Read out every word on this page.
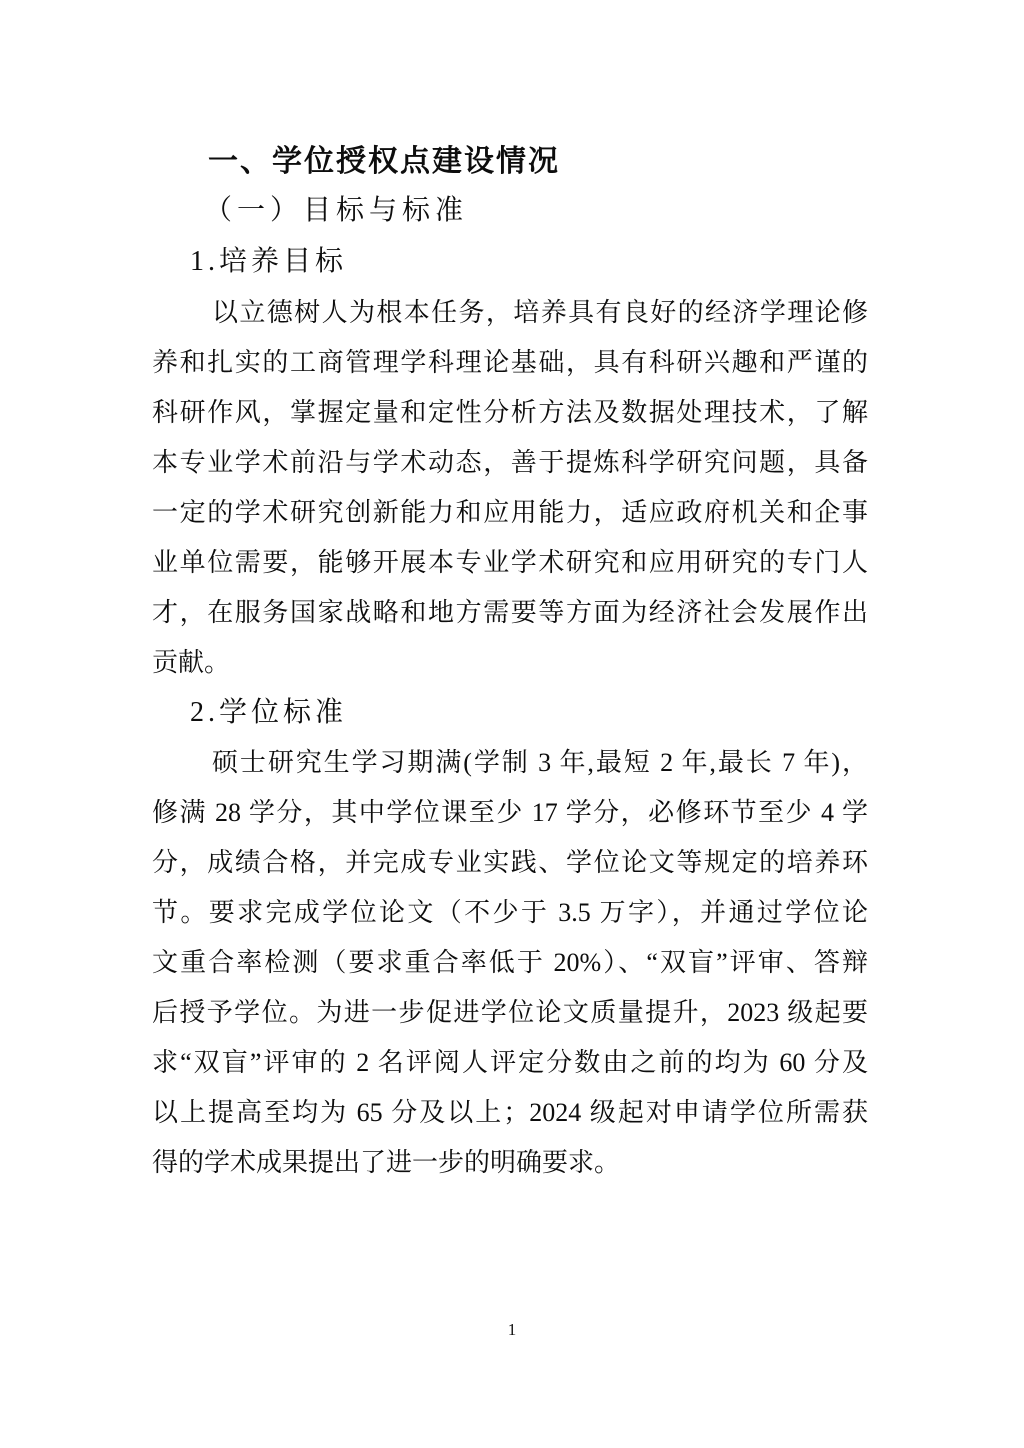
一、学位授权点建设情况
（一）目标与标准
1.培养目标
以立德树人为根本任务，培养具有良好的经济学理论修
养和扎实的工商管理学科理论基础，具有科研兴趣和严谨的
科研作风，掌握定量和定性分析方法及数据处理技术，了解
本专业学术前沿与学术动态，善于提炼科学研究问题，具备
一定的学术研究创新能力和应用能力，适应政府机关和企事
业单位需要，能够开展本专业学术研究和应用研究的专门人
才，在服务国家战略和地方需要等方面为经济社会发展作出
贡献。
2.学位标准
硕士研究生学习期满(学制 3 年,最短 2 年,最长 7 年)，
修满 28 学分，其中学位课至少 17 学分，必修环节至少 4 学
分，成绩合格，并完成专业实践、学位论文等规定的培养环
节。要求完成学位论文（不少于 3.5 万字），并通过学位论
文重合率检测（要求重合率低于 20%）、“双盲”评审、答辩
后授予学位。为进一步促进学位论文质量提升，2023 级起要
求“双盲”评审的 2 名评阅人评定分数由之前的均为 60 分及
以上提高至均为 65 分及以上；2024 级起对申请学位所需获
得的学术成果提出了进一步的明确要求。
1
